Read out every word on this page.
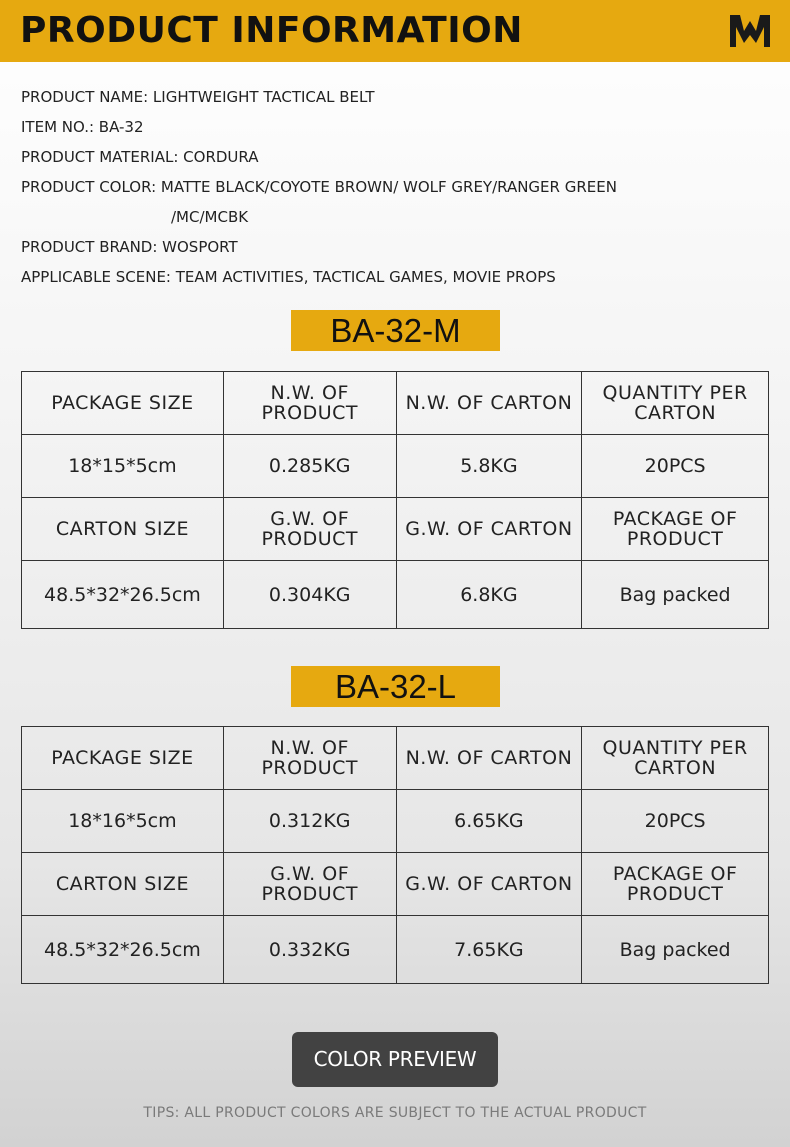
PRODUCT INFORMATION
PRODUCT NAME: LIGHTWEIGHT TACTICAL BELT
ITEM NO.: BA-32
PRODUCT MATERIAL: CORDURA
PRODUCT COLOR: MATTE BLACK/COYOTE BROWN/ WOLF GREY/RANGER GREEN
/MC/MCBK
PRODUCT BRAND: WOSPORT
APPLICABLE SCENE: TEAM ACTIVITIES, TACTICAL GAMES, MOVIE PROPS
BA-32-M
PACKAGE SIZE	N.W. OF PRODUCT	N.W. OF CARTON	QUANTITY PER CARTON
18*15*5cm	0.285KG	5.8KG	20PCS
CARTON SIZE	G.W. OF PRODUCT	G.W. OF CARTON	PACKAGE OF PRODUCT
48.5*32*26.5cm	0.304KG	6.8KG	Bag packed
BA-32-L
PACKAGE SIZE	N.W. OF PRODUCT	N.W. OF CARTON	QUANTITY PER CARTON
18*16*5cm	0.312KG	6.65KG	20PCS
CARTON SIZE	G.W. OF PRODUCT	G.W. OF CARTON	PACKAGE OF PRODUCT
48.5*32*26.5cm	0.332KG	7.65KG	Bag packed
COLOR PREVIEW
TIPS: ALL PRODUCT COLORS ARE SUBJECT TO THE ACTUAL PRODUCT
